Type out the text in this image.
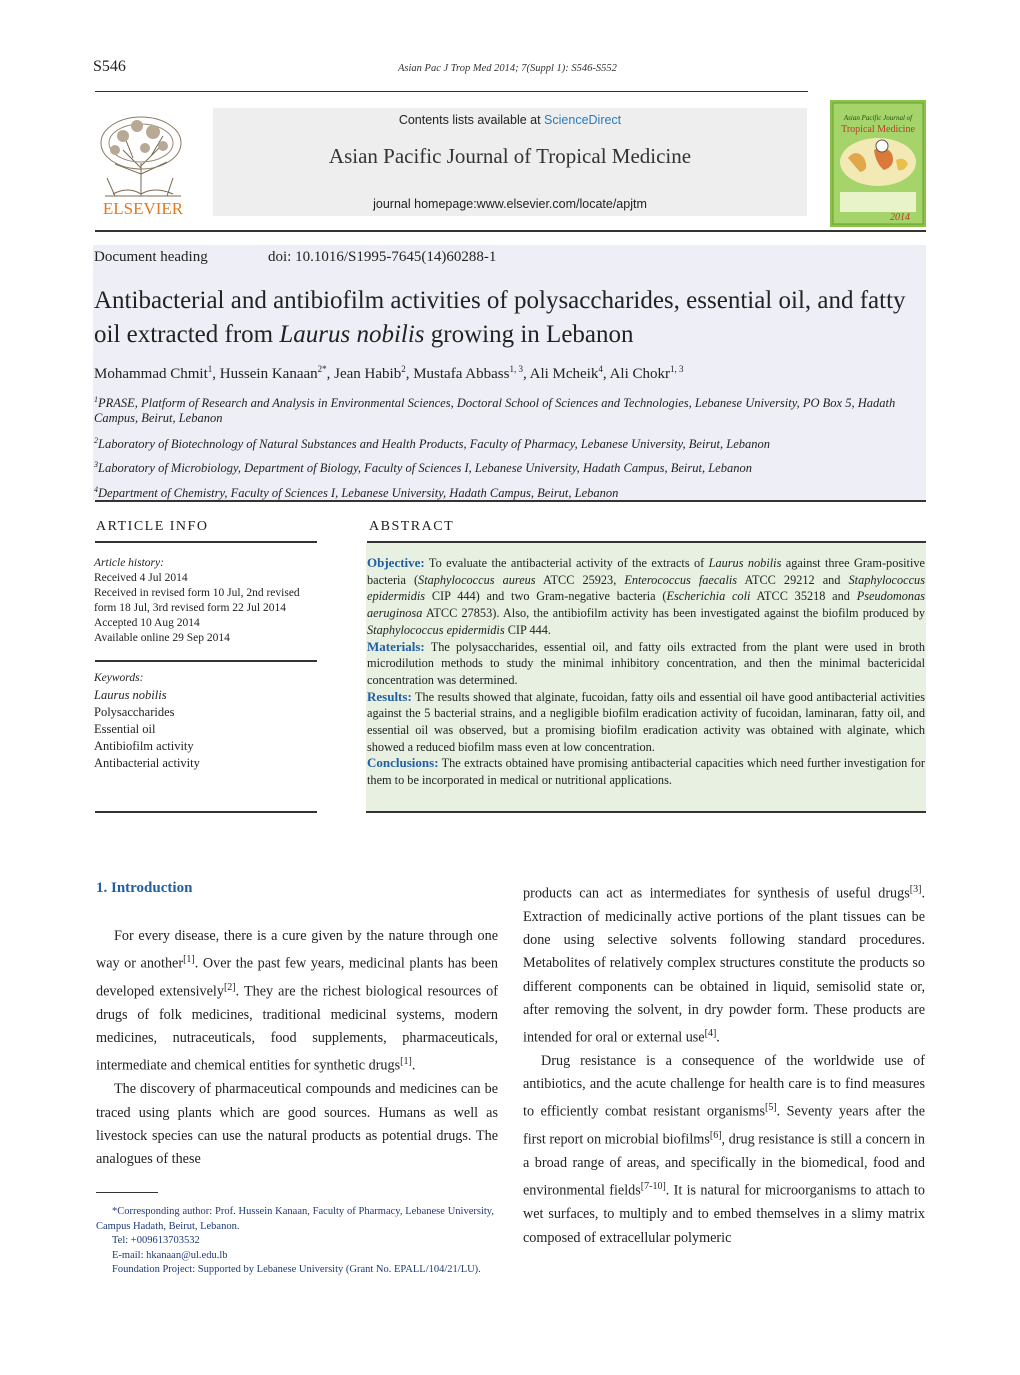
S546	Asian Pac J Trop Med 2014; 7(Suppl 1): S546-S552
ELSEVIER
Contents lists available at ScienceDirect
Asian Pacific Journal of Tropical Medicine
journal homepage:www.elsevier.com/locate/apjtm
Asian Pacific Journal of
Tropical Medicine
2014
Document heading	doi: 10.1016/S1995-7645(14)60288-1
Antibacterial and antibiofilm activities of polysaccharides, essential oil, and fatty oil extracted from Laurus nobilis growing in Lebanon
Mohammad Chmit$^1$, Hussein Kanaan$^{2*}$, Jean Habib$^2$, Mustafa Abbass$^{1, 3}$, Ali Mcheik$^4$, Ali Chokr$^{1, 3}$
$^1$PRASE, Platform of Research and Analysis in Environmental Sciences, Doctoral School of Sciences and Technologies, Lebanese University, PO Box 5, Hadath Campus, Beirut, Lebanon
$^2$Laboratory of Biotechnology of Natural Substances and Health Products, Faculty of Pharmacy, Lebanese University, Beirut, Lebanon
$^3$Laboratory of Microbiology, Department of Biology, Faculty of Sciences I, Lebanese University, Hadath Campus, Beirut, Lebanon
$^4$Department of Chemistry, Faculty of Sciences I, Lebanese University, Hadath Campus, Beirut, Lebanon
ARTICLE INFO
Article history:
Received 4 Jul 2014
Received in revised form 10 Jul, 2nd revised form 18 Jul, 3rd revised form 22 Jul 2014
Accepted 10 Aug 2014
Available online 29 Sep 2014
Keywords:
Laurus nobilis
Polysaccharides
Essential oil
Antibiofilm activity
Antibacterial activity
ABSTRACT
Objective: To evaluate the antibacterial activity of the extracts of Laurus nobilis against three Gram-positive bacteria (Staphylococcus aureus ATCC 25923, Enterococcus faecalis ATCC 29212 and Staphylococcus epidermidis CIP 444) and two Gram-negative bacteria (Escherichia coli ATCC 35218 and Pseudomonas aeruginosa ATCC 27853). Also, the antibiofilm activity has been investigated against the biofilm produced by Staphylococcus epidermidis CIP 444.
Materials: The polysaccharides, essential oil, and fatty oils extracted from the plant were used in broth microdilution methods to study the minimal inhibitory concentration, and then the minimal bactericidal concentration was determined.
Results: The results showed that alginate, fucoidan, fatty oils and essential oil have good antibacterial activities against the 5 bacterial strains, and a negligible biofilm eradication activity of fucoidan, laminaran, fatty oil, and essential oil was observed, but a promising biofilm eradication activity was obtained with alginate, which showed a reduced biofilm mass even at low concentration.
Conclusions: The extracts obtained have promising antibacterial capacities which need further investigation for them to be incorporated in medical or nutritional applications.
1. Introduction

For every disease, there is a cure given by the nature through one way or another[1]. Over the past few years, medicinal plants has been developed extensively[2]. They are the richest biological resources of drugs of folk medicines, traditional medicinal systems, modern medicines, nutraceuticals, food supplements, pharmaceuticals, intermediate and chemical entities for synthetic drugs[1].

The discovery of pharmaceutical compounds and medicines can be traced using plants which are good sources. Humans as well as livestock species can use the natural products as potential drugs. The analogues of these

products can act as intermediates for synthesis of useful drugs[3]. Extraction of medicinally active portions of the plant tissues can be done using selective solvents following standard procedures. Metabolites of relatively complex structures constitute the products so different components can be obtained in liquid, semisolid state or, after removing the solvent, in dry powder form. These products are intended for oral or external use[4].

Drug resistance is a consequence of the worldwide use of antibiotics, and the acute challenge for health care is to find measures to efficiently combat resistant organisms[5]. Seventy years after the first report on microbial biofilms[6], drug resistance is still a concern in a broad range of areas, and specifically in the biomedical, food and environmental fields[7-10]. It is natural for microorganisms to attach to wet surfaces, to multiply and to embed themselves in a slimy matrix composed of extracellular polymeric

*Corresponding author: Prof. Hussein Kanaan, Faculty of Pharmacy, Lebanese University, Campus Hadath, Beirut, Lebanon.

Tel: +009613703532

E-mail: hkanaan@ul.edu.lb

Foundation Project: Supported by Lebanese University (Grant No. EPALL/104/21/LU).
